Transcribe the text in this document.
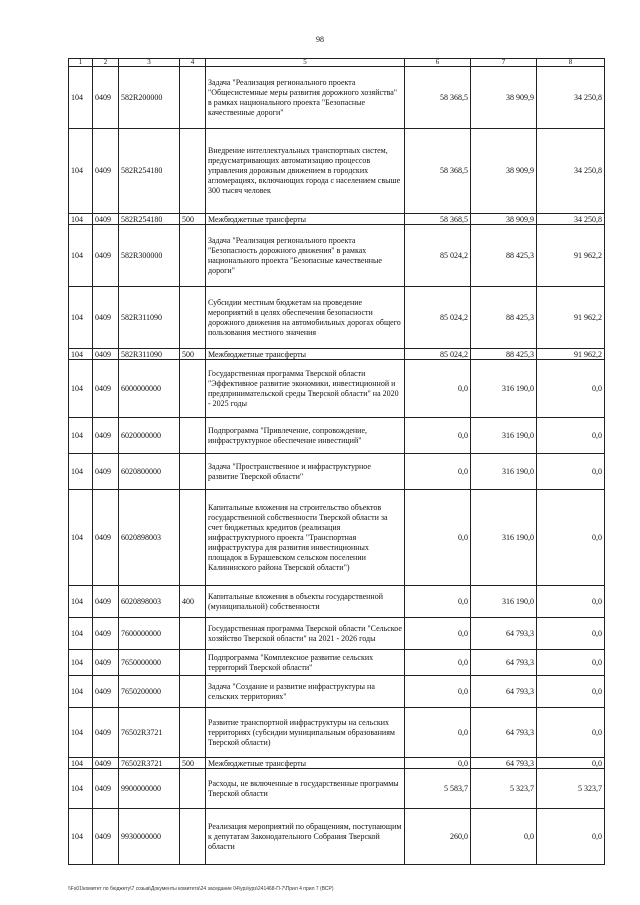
98
1	2	3	4	5	6	7	8
104	0409	582R200000		Задача "Реализация регионального проекта "Общесистемные меры развития дорожного хозяйства" в рамках национального проекта "Безопасные качественные дороги"	58 368,5	38 909,9	34 250,8
104	0409	582R254180		Внедрение интеллектуальных транспортных систем, предусматривающих автоматизацию процессов управления дорожным движением в городских агломерациях, включающих города с населением свыше 300 тысяч человек	58 368,5	38 909,9	34 250,8
104	0409	582R254180	500	Межбюджетные трансферты	58 368,5	38 909,9	34 250,8
104	0409	582R300000		Задача "Реализация регионального проекта "Безопасность дорожного движения" в рамках национального проекта "Безопасные качественные дороги"	85 024,2	88 425,3	91 962,2
104	0409	582R311090		Субсидии местным бюджетам на проведение мероприятий в целях обеспечения безопасности дорожного движения на автомобильных дорогах общего пользования местного значения	85 024,2	88 425,3	91 962,2
104	0409	582R311090	500	Межбюджетные трансферты	85 024,2	88 425,3	91 962,2
104	0409	6000000000		Государственная программа Тверской области "Эффективное развитие экономики, инвестиционной и предпринимательской среды Тверской области" на 2020 - 2025 годы	0,0	316 190,0	0,0
104	0409	6020000000		Подпрограмма "Привлечение, сопровождение, инфраструктурное обеспечение инвестиций"	0,0	316 190,0	0,0
104	0409	6020800000		Задача "Пространственное и инфраструктурное развитие Тверской области"	0,0	316 190,0	0,0
104	0409	6020898003		Капитальные вложения на строительство объектов государственной собственности Тверской области за счет бюджетных кредитов (реализация инфраструктурного проекта "Транспортная инфраструктура для развития инвестиционных площадок в Бурашевском сельском поселении Калининского района Тверской области")	0,0	316 190,0	0,0
104	0409	6020898003	400	Капитальные вложения в объекты государственной (муниципальной) собственности	0,0	316 190,0	0,0
104	0409	7600000000		Государственная программа Тверской области "Сельское хозяйство Тверской области" на 2021 - 2026 годы	0,0	64 793,3	0,0
104	0409	7650000000		Подпрограмма "Комплексное развитие сельских территорий Тверской области"	0,0	64 793,3	0,0
104	0409	7650200000		Задача "Создание и развитие инфраструктуры на сельских территориях"	0,0	64 793,3	0,0
104	0409	76502R3721		Развитие транспортной инфраструктуры на сельских территориях (субсидии муниципальным образованиям Тверской области)	0,0	64 793,3	0,0
104	0409	76502R3721	500	Межбюджетные трансферты	0,0	64 793,3	0,0
104	0409	9900000000		Расходы, не включенные в государственные программы Тверской области	5 583,7	5 323,7	5 323,7
104	0409	9930000000		Реализация мероприятий по обращениям, поступающим к депутатам Законодательного Собрания Тверской области	260,0	0,0	0,0
\\Fs01\комитет по бюджету\7 созыв\Документы комитета\24 заседание 04\урз\урз\241468-П-7\Прил 4 прил 7 (ВСР)
